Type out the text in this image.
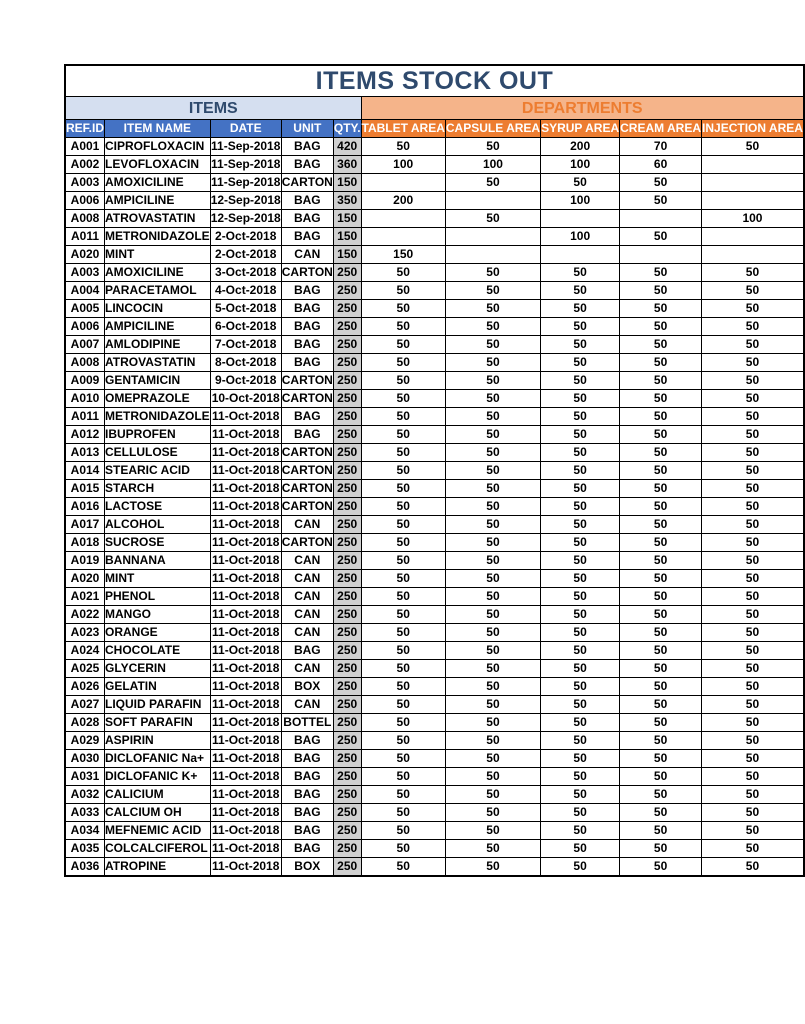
ITEMS STOCK OUT									
ITEMS					DEPARTMENTS				
REF.ID	ITEM NAME	DATE	UNIT	QTY.	TABLET AREA	CAPSULE AREA	SYRUP AREA	CREAM AREA	INJECTION AREA
A001	CIPROFLOXACIN	11-Sep-2018	BAG	420	50	50	200	70	50
A002	LEVOFLOXACIN	11-Sep-2018	BAG	360	100	100	100	60	
A003	AMOXICILINE	11-Sep-2018	CARTON	150		50	50	50	
A006	AMPICILINE	12-Sep-2018	BAG	350	200		100	50	
A008	ATROVASTATIN	12-Sep-2018	BAG	150		50			100
A011	METRONIDAZOLE	2-Oct-2018	BAG	150			100	50	
A020	MINT	2-Oct-2018	CAN	150	150				
A003	AMOXICILINE	3-Oct-2018	CARTON	250	50	50	50	50	50
A004	PARACETAMOL	4-Oct-2018	BAG	250	50	50	50	50	50
A005	LINCOCIN	5-Oct-2018	BAG	250	50	50	50	50	50
A006	AMPICILINE	6-Oct-2018	BAG	250	50	50	50	50	50
A007	AMLODIPINE	7-Oct-2018	BAG	250	50	50	50	50	50
A008	ATROVASTATIN	8-Oct-2018	BAG	250	50	50	50	50	50
A009	GENTAMICIN	9-Oct-2018	CARTON	250	50	50	50	50	50
A010	OMEPRAZOLE	10-Oct-2018	CARTON	250	50	50	50	50	50
A011	METRONIDAZOLE	11-Oct-2018	BAG	250	50	50	50	50	50
A012	IBUPROFEN	11-Oct-2018	BAG	250	50	50	50	50	50
A013	CELLULOSE	11-Oct-2018	CARTON	250	50	50	50	50	50
A014	STEARIC ACID	11-Oct-2018	CARTON	250	50	50	50	50	50
A015	STARCH	11-Oct-2018	CARTON	250	50	50	50	50	50
A016	LACTOSE	11-Oct-2018	CARTON	250	50	50	50	50	50
A017	ALCOHOL	11-Oct-2018	CAN	250	50	50	50	50	50
A018	SUCROSE	11-Oct-2018	CARTON	250	50	50	50	50	50
A019	BANNANA	11-Oct-2018	CAN	250	50	50	50	50	50
A020	MINT	11-Oct-2018	CAN	250	50	50	50	50	50
A021	PHENOL	11-Oct-2018	CAN	250	50	50	50	50	50
A022	MANGO	11-Oct-2018	CAN	250	50	50	50	50	50
A023	ORANGE	11-Oct-2018	CAN	250	50	50	50	50	50
A024	CHOCOLATE	11-Oct-2018	BAG	250	50	50	50	50	50
A025	GLYCERIN	11-Oct-2018	CAN	250	50	50	50	50	50
A026	GELATIN	11-Oct-2018	BOX	250	50	50	50	50	50
A027	LIQUID PARAFIN	11-Oct-2018	CAN	250	50	50	50	50	50
A028	SOFT PARAFIN	11-Oct-2018	BOTTEL	250	50	50	50	50	50
A029	ASPIRIN	11-Oct-2018	BAG	250	50	50	50	50	50
A030	DICLOFANIC Na+	11-Oct-2018	BAG	250	50	50	50	50	50
A031	DICLOFANIC K+	11-Oct-2018	BAG	250	50	50	50	50	50
A032	CALICIUM	11-Oct-2018	BAG	250	50	50	50	50	50
A033	CALCIUM OH	11-Oct-2018	BAG	250	50	50	50	50	50
A034	MEFNEMIC ACID	11-Oct-2018	BAG	250	50	50	50	50	50
A035	COLCALCIFEROL	11-Oct-2018	BAG	250	50	50	50	50	50
A036	ATROPINE	11-Oct-2018	BOX	250	50	50	50	50	50
